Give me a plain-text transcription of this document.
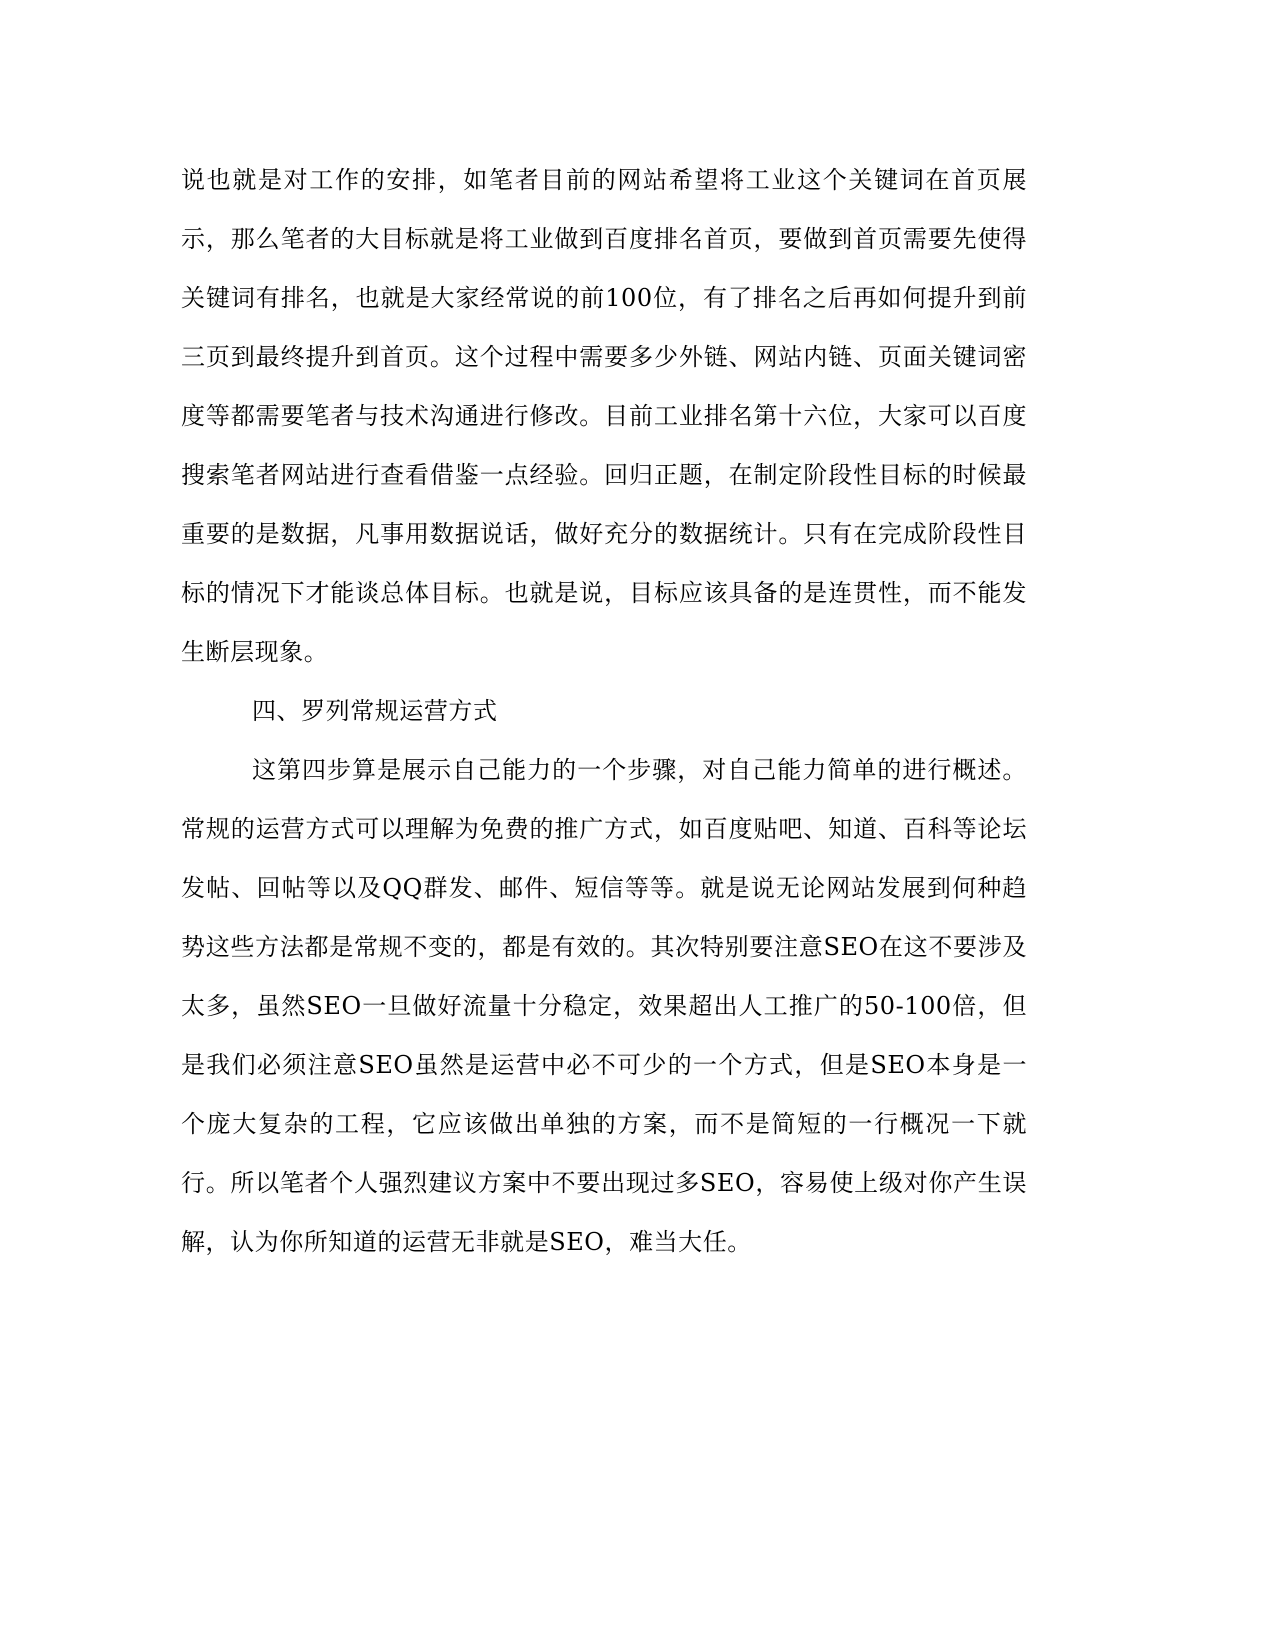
说也就是对工作的安排，如笔者目前的网站希望将工业这个关键词在首页展示，那么笔者的大目标就是将工业做到百度排名首页，要做到首页需要先使得关键词有排名，也就是大家经常说的前100位，有了排名之后再如何提升到前三页到最终提升到首页。这个过程中需要多少外链、网站内链、页面关键词密度等都需要笔者与技术沟通进行修改。目前工业排名第十六位，大家可以百度搜索笔者网站进行查看借鉴一点经验。回归正题，在制定阶段性目标的时候最重要的是数据，凡事用数据说话，做好充分的数据统计。只有在完成阶段性目标的情况下才能谈总体目标。也就是说，目标应该具备的是连贯性，而不能发生断层现象。

四、罗列常规运营方式

这第四步算是展示自己能力的一个步骤，对自己能力简单的进行概述。常规的运营方式可以理解为免费的推广方式，如百度贴吧、知道、百科等论坛发帖、回帖等以及QQ群发、邮件、短信等等。就是说无论网站发展到何种趋势这些方法都是常规不变的，都是有效的。其次特别要注意SEO在这不要涉及太多，虽然SEO一旦做好流量十分稳定，效果超出人工推广的50-100倍，但是我们必须注意SEO虽然是运营中必不可少的一个方式，但是SEO本身是一个庞大复杂的工程，它应该做出单独的方案，而不是简短的一行概况一下就行。所以笔者个人强烈建议方案中不要出现过多SEO，容易使上级对你产生误解，认为你所知道的运营无非就是SEO，难当大任。
